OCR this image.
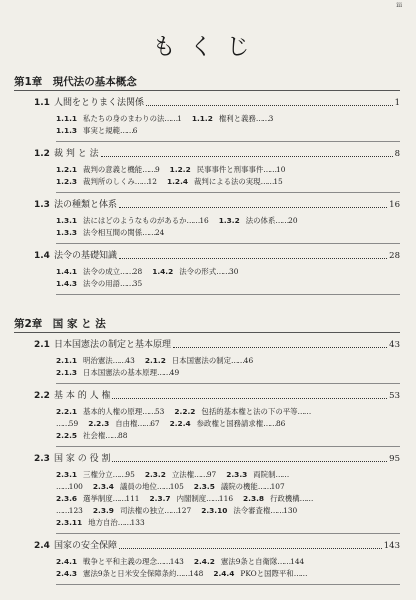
iii
もくじ
第1章　現代法の基本概念
1.1 人間をとりまく法関係	1
1.1.1 私たちの身のまわりの法……1 1.1.2 権利と義務……3
1.1.3 事実と規範……6
1.2 裁 判 と 法	8
1.2.1 裁判の意義と機能……9 1.2.2 民事事件と刑事事件……10
1.2.3 裁判所のしくみ……12 1.2.4 裁判による法の実現……15
1.3 法の種類と体系	16
1.3.1 法にはどのようなものがあるか……16 1.3.2 法の体系……20
1.3.3 法令相互間の関係……24
1.4 法令の基礎知識	28
1.4.1 法令の成立……28 1.4.2 法令の形式……30
1.4.3 法令の用語……35
第2章　国 家 と 法
2.1 日本国憲法の制定と基本原理	43
2.1.1 明治憲法……43 2.1.2 日本国憲法の制定……46
2.1.3 日本国憲法の基本原理……49
2.2 基 本 的 人 権	53
2.2.1 基本的人権の原理……53 2.2.2 包括的基本権と法の下の平等……
……59 2.2.3 自由権……67 2.2.4 参政権と国務請求権……86
2.2.5 社会権……88
2.3 国 家 の 役 割	95
2.3.1 三権分立……95 2.3.2 立法権……97 2.3.3 両院制……
……100 2.3.4 議員の地位……105 2.3.5 議院の機能……107
2.3.6 選挙制度……111 2.3.7 内閣制度……116 2.3.8 行政機構……
……123 2.3.9 司法権の独立……127 2.3.10 法令審査権……130
2.3.11 地方自治……133
2.4 国家の安全保障	143
2.4.1 戦争と平和主義の理念……143 2.4.2 憲法9条と自衛隊……144
2.4.3 憲法9条と日米安全保障条約……148 2.4.4 PKOと国際平和……
